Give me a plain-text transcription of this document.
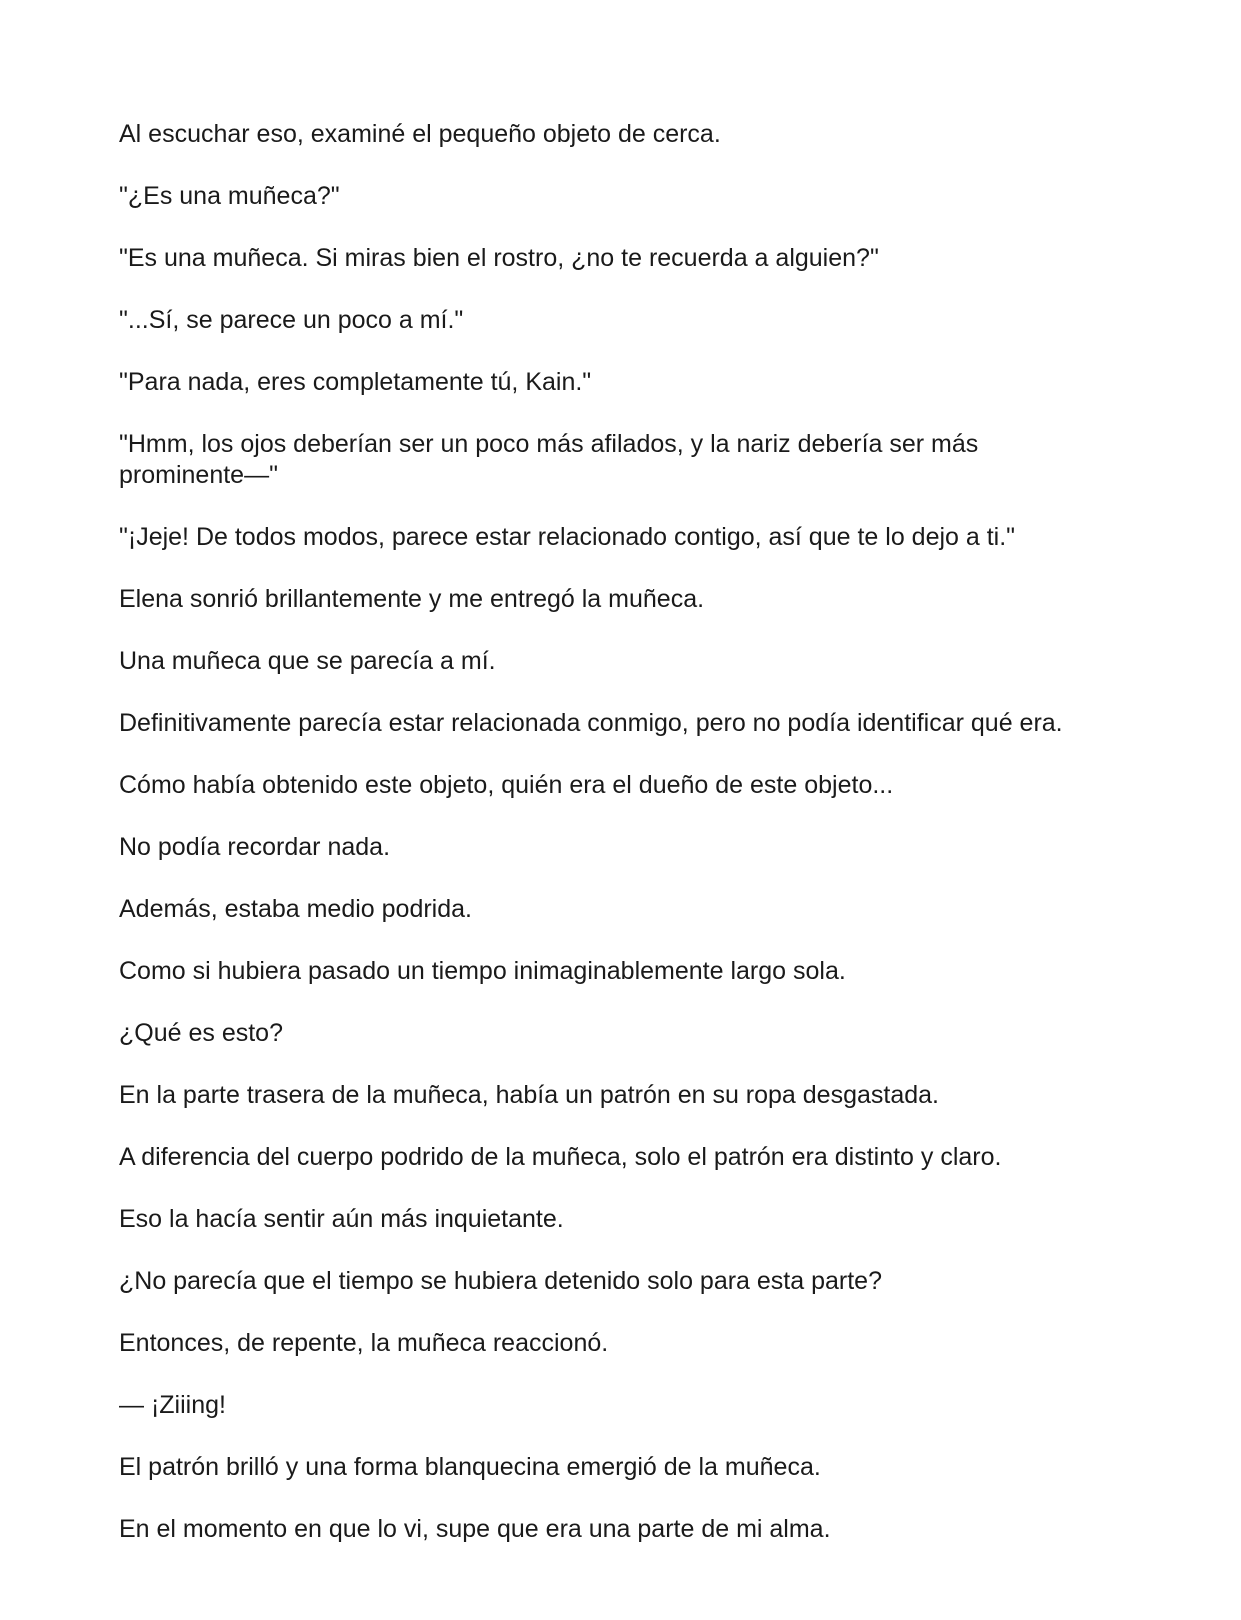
Al escuchar eso, examiné el pequeño objeto de cerca.

"¿Es una muñeca?"

"Es una muñeca. Si miras bien el rostro, ¿no te recuerda a alguien?"

"...Sí, se parece un poco a mí."

"Para nada, eres completamente tú, Kain."

"Hmm, los ojos deberían ser un poco más afilados, y la nariz debería ser más prominente—"

"¡Jeje! De todos modos, parece estar relacionado contigo, así que te lo dejo a ti."

Elena sonrió brillantemente y me entregó la muñeca.

Una muñeca que se parecía a mí.

Definitivamente parecía estar relacionada conmigo, pero no podía identificar qué era.

Cómo había obtenido este objeto, quién era el dueño de este objeto...

No podía recordar nada.

Además, estaba medio podrida.

Como si hubiera pasado un tiempo inimaginablemente largo sola.

¿Qué es esto?

En la parte trasera de la muñeca, había un patrón en su ropa desgastada.

A diferencia del cuerpo podrido de la muñeca, solo el patrón era distinto y claro.

Eso la hacía sentir aún más inquietante.

¿No parecía que el tiempo se hubiera detenido solo para esta parte?

Entonces, de repente, la muñeca reaccionó.

— ¡Ziiing!

El patrón brilló y una forma blanquecina emergió de la muñeca.

En el momento en que lo vi, supe que era una parte de mi alma.
